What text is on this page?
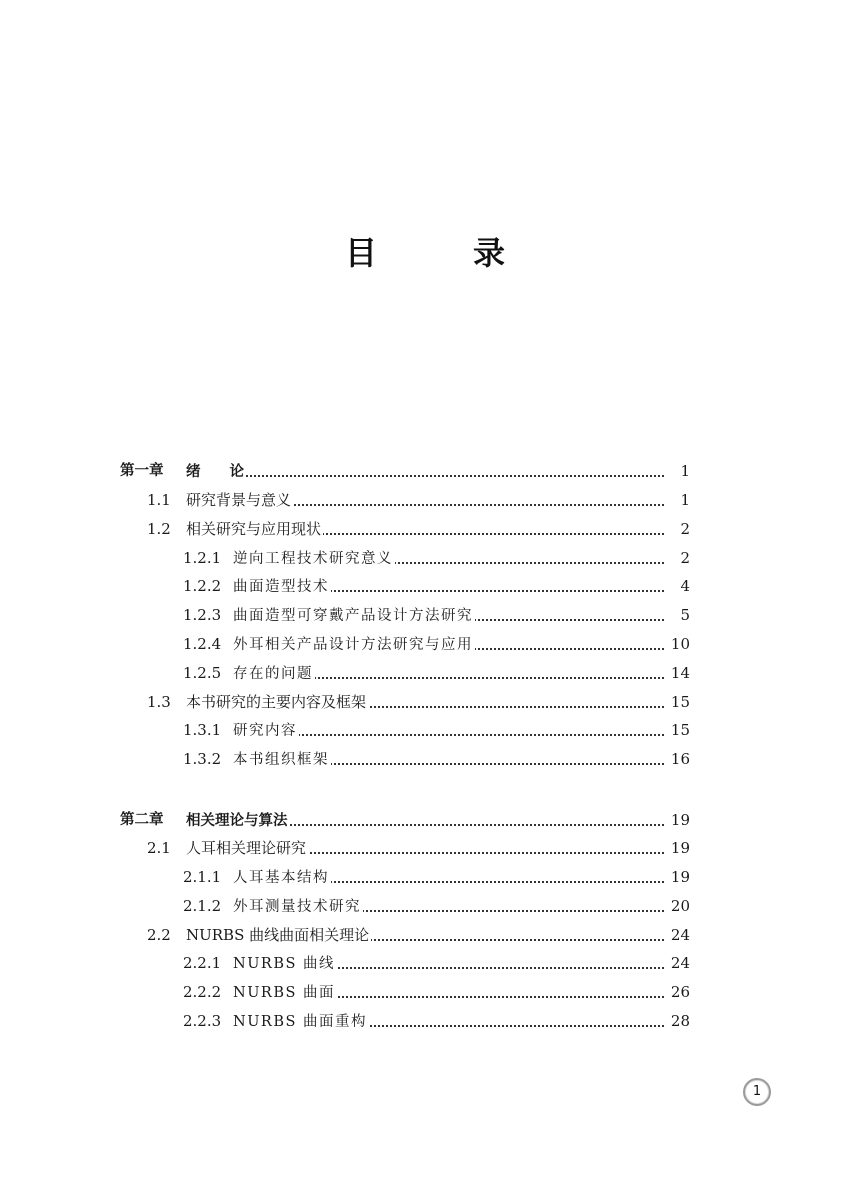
目　录
第一章 绪　　论	1
1.1 研究背景与意义	1
1.2 相关研究与应用现状	2
1.2.1 逆向工程技术研究意义	2
1.2.2 曲面造型技术	4
1.2.3 曲面造型可穿戴产品设计方法研究	5
1.2.4 外耳相关产品设计方法研究与应用	10
1.2.5 存在的问题	14
1.3 本书研究的主要内容及框架	15
1.3.1 研究内容	15
1.3.2 本书组织框架	16
第二章 相关理论与算法	19
2.1 人耳相关理论研究	19
2.1.1 人耳基本结构	19
2.1.2 外耳测量技术研究	20
2.2 NURBS 曲线曲面相关理论	24
2.2.1 NURBS 曲线	24
2.2.2 NURBS 曲面	26
2.2.3 NURBS 曲面重构	28
1
